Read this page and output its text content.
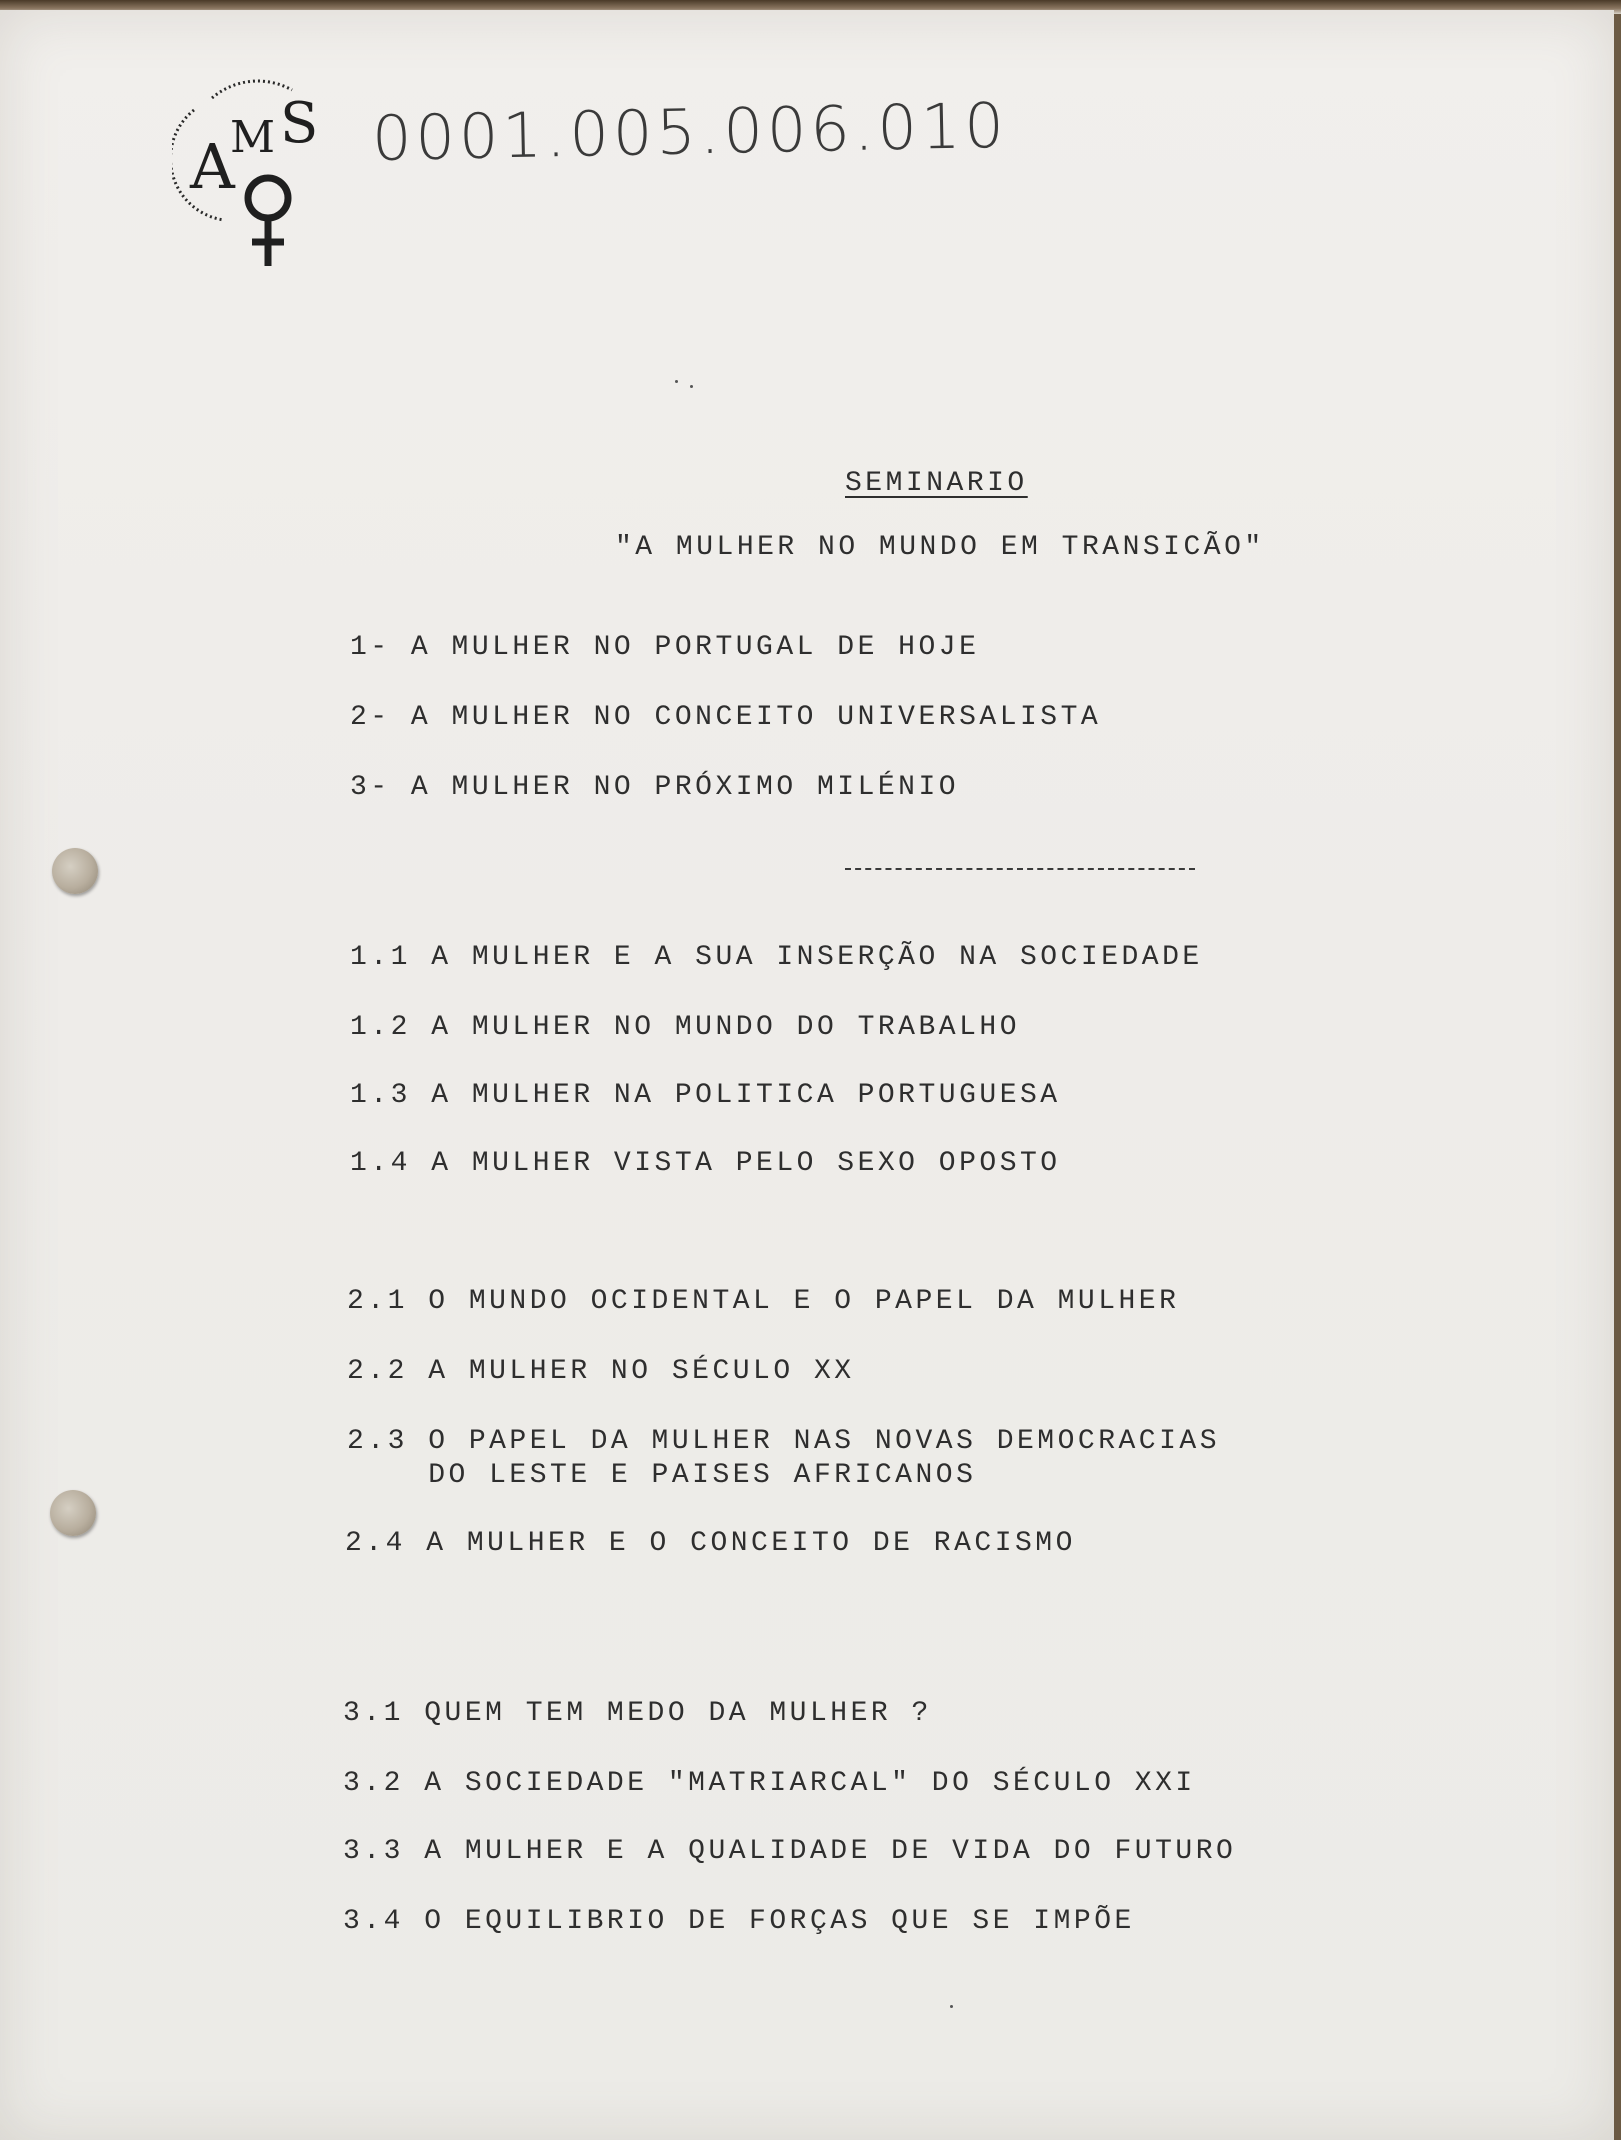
A
M S 0001.005.006.010
SEMINARIO
"A MULHER NO MUNDO EM TRANSICÃO"
1- A MULHER NO PORTUGAL DE HOJE
2- A MULHER NO CONCEITO UNIVERSALISTA
3- A MULHER NO PRÓXIMO MILÉNIO
1.1 A MULHER E A SUA INSERÇÃO NA SOCIEDADE
1.2 A MULHER NO MUNDO DO TRABALHO
1.3 A MULHER NA POLITICA PORTUGUESA
1.4 A MULHER VISTA PELO SEXO OPOSTO
2.1 O MUNDO OCIDENTAL E O PAPEL DA MULHER
2.2 A MULHER NO SÉCULO XX
2.3 O PAPEL DA MULHER NAS NOVAS DEMOCRACIAS
DO LESTE E PAISES AFRICANOS
2.4 A MULHER E O CONCEITO DE RACISMO
3.1 QUEM TEM MEDO DA MULHER ?
3.2 A SOCIEDADE "MATRIARCAL" DO SÉCULO XXI
3.3 A MULHER E A QUALIDADE DE VIDA DO FUTURO
3.4 O EQUILIBRIO DE FORÇAS QUE SE IMPÕE
